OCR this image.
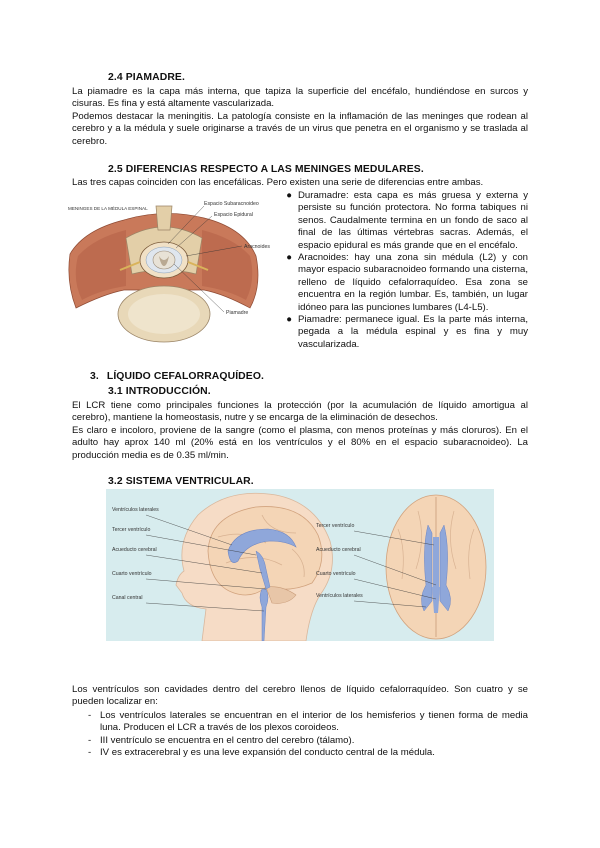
2.4 PIAMADRE.

La piamadre es la capa más interna, que tapiza la superficie del encéfalo, hundiéndose en surcos y cisuras. Es fina y está altamente vascularizada.

Podemos destacar la meningitis. La patología consiste en la inflamación de las meninges que rodean al cerebro y a la médula y suele originarse a través de un virus que penetra en el organismo y se traslada al cerebro.

2.5 DIFERENCIAS RESPECTO A LAS MENINGES MEDULARES.

Las tres capas coinciden con las encefálicas. Pero existen una serie de diferencias entre ambas.

MENINGES DE LA MÉDULA ESPINAL
Espacio Subaracnoideo
Espacio Epidural
Aracnoides
Piamadre
● Duramadre: esta capa es más gruesa y externa y persiste su función protectora. No forma tabiques ni senos. Caudalmente termina en un fondo de saco al final de las últimas vértebras sacras. Además, el espacio epidural es más grande que en el encéfalo.
● Aracnoides: hay una zona sin médula (L2) y con mayor espacio subaracnoideo formando una cisterna, relleno de líquido cefalorraquídeo. Esa zona se encuentra en la región lumbar. Es, también, un lugar idóneo para las punciones lumbares (L4-L5).
● Piamadre: permanece igual. Es la parte más interna, pegada a la médula espinal y es fina y muy vascularizada.
3. LÍQUIDO CEFALORRAQUÍDEO.
3.1 INTRODUCCIÓN.

El LCR tiene como principales funciones la protección (por la acumulación de líquido amortigua al cerebro), mantiene la homeostasis, nutre y se encarga de la eliminación de desechos.

Es claro e incoloro, proviene de la sangre (como el plasma, con menos proteínas y más cloruros). En el adulto hay aprox 140 ml (20% está en los ventrículos y el 80% en el espacio subaracnoideo). La producción media es de 0.35 ml/min.

3.2 SISTEMA VENTRICULAR.
Ventrículos laterales
Tercer ventrículo
Acueducto cerebral
Cuarto ventrículo
Canal central
Tercer ventrículo
Acueducto cerebral
Cuarto ventrículo
Ventrículos laterales

Los ventrículos son cavidades dentro del cerebro llenos de líquido cefalorraquídeo. Son cuatro y se pueden localizar en:

- Los ventrículos laterales se encuentran en el interior de los hemisferios y tienen forma de media luna. Producen el LCR a través de los plexos coroideos.
- III ventrículo se encuentra en el centro del cerebro (tálamo).
- IV es extracerebral y es una leve expansión del conducto central de la médula.
